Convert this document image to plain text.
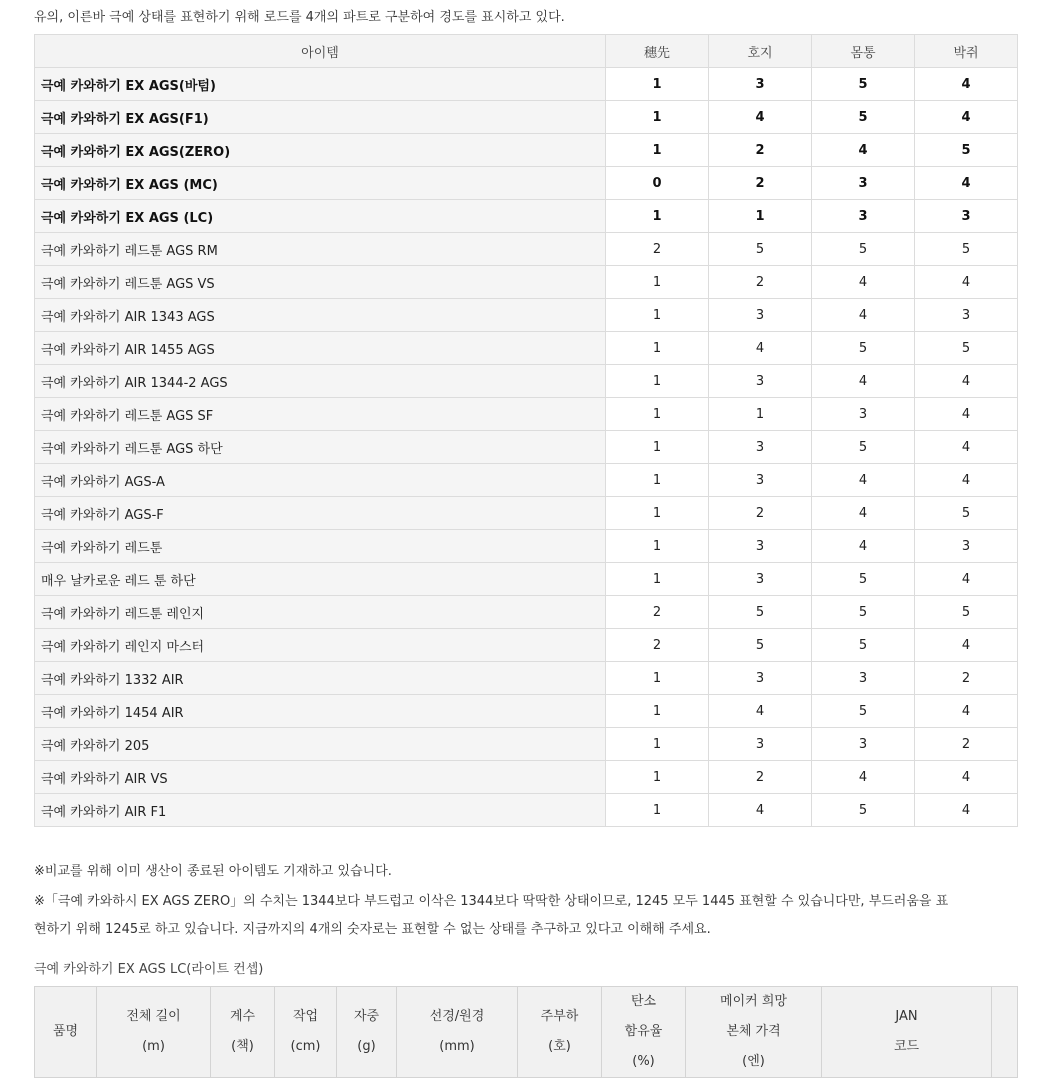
유의, 이른바 극예 상태를 표현하기 위해 로드를 4개의 파트로 구분하여 경도를 표시하고 있다.
아이템	穗先	호지	몸통	박쥐
극예 카와하기 EX AGS(바텀)	1	3	5	4
극예 카와하기 EX AGS(F1)	1	4	5	4
극예 카와하기 EX AGS(ZERO)	1	2	4	5
극예 카와하기 EX AGS (MC)	0	2	3	4
극예 카와하기 EX AGS (LC)	1	1	3	3
극예 카와하기 레드툰 AGS RM	2	5	5	5
극예 카와하기 레드툰 AGS VS	1	2	4	4
극예 카와하기 AIR 1343 AGS	1	3	4	3
극예 카와하기 AIR 1455 AGS	1	4	5	5
극예 카와하기 AIR 1344-2 AGS	1	3	4	4
극예 카와하기 레드툰 AGS SF	1	1	3	4
극예 카와하기 레드툰 AGS 하단	1	3	5	4
극예 카와하기 AGS-A	1	3	4	4
극예 카와하기 AGS-F	1	2	4	5
극예 카와하기 레드툰	1	3	4	3
매우 날카로운 레드 툰 하단	1	3	5	4
극예 카와하기 레드툰 레인지	2	5	5	5
극예 카와하기 레인지 마스터	2	5	5	4
극예 카와하기 1332 AIR	1	3	3	2
극예 카와하기 1454 AIR	1	4	5	4
극예 카와하기 205	1	3	3	2
극예 카와하기 AIR VS	1	2	4	4
극예 카와하기 AIR F1	1	4	5	4
※비교를 위해 이미 생산이 종료된 아이템도 기재하고 있습니다.
※「극예 카와하시 EX AGS ZERO」의 수치는 1344보다 부드럽고 이삭은 1344보다 딱딱한 상태이므로, 1245 모두 1445 표현할 수 있습니다만, 부드러움을 표
현하기 위해 1245로 하고 있습니다. 지금까지의 4개의 숫자로는 표현할 수 없는 상태를 추구하고 있다고 이해해 주세요.
극예 카와하기 EX AGS LC(라이트 컨셉)
품명

전체 길이
(m)

계수
(책)

작업
(cm)

자중
(g)

선경/원경
(mm)

주부하
(호)

탄소
함유율
(%)

메이커 희망
본체 가격
(엔)

JAN
코드
